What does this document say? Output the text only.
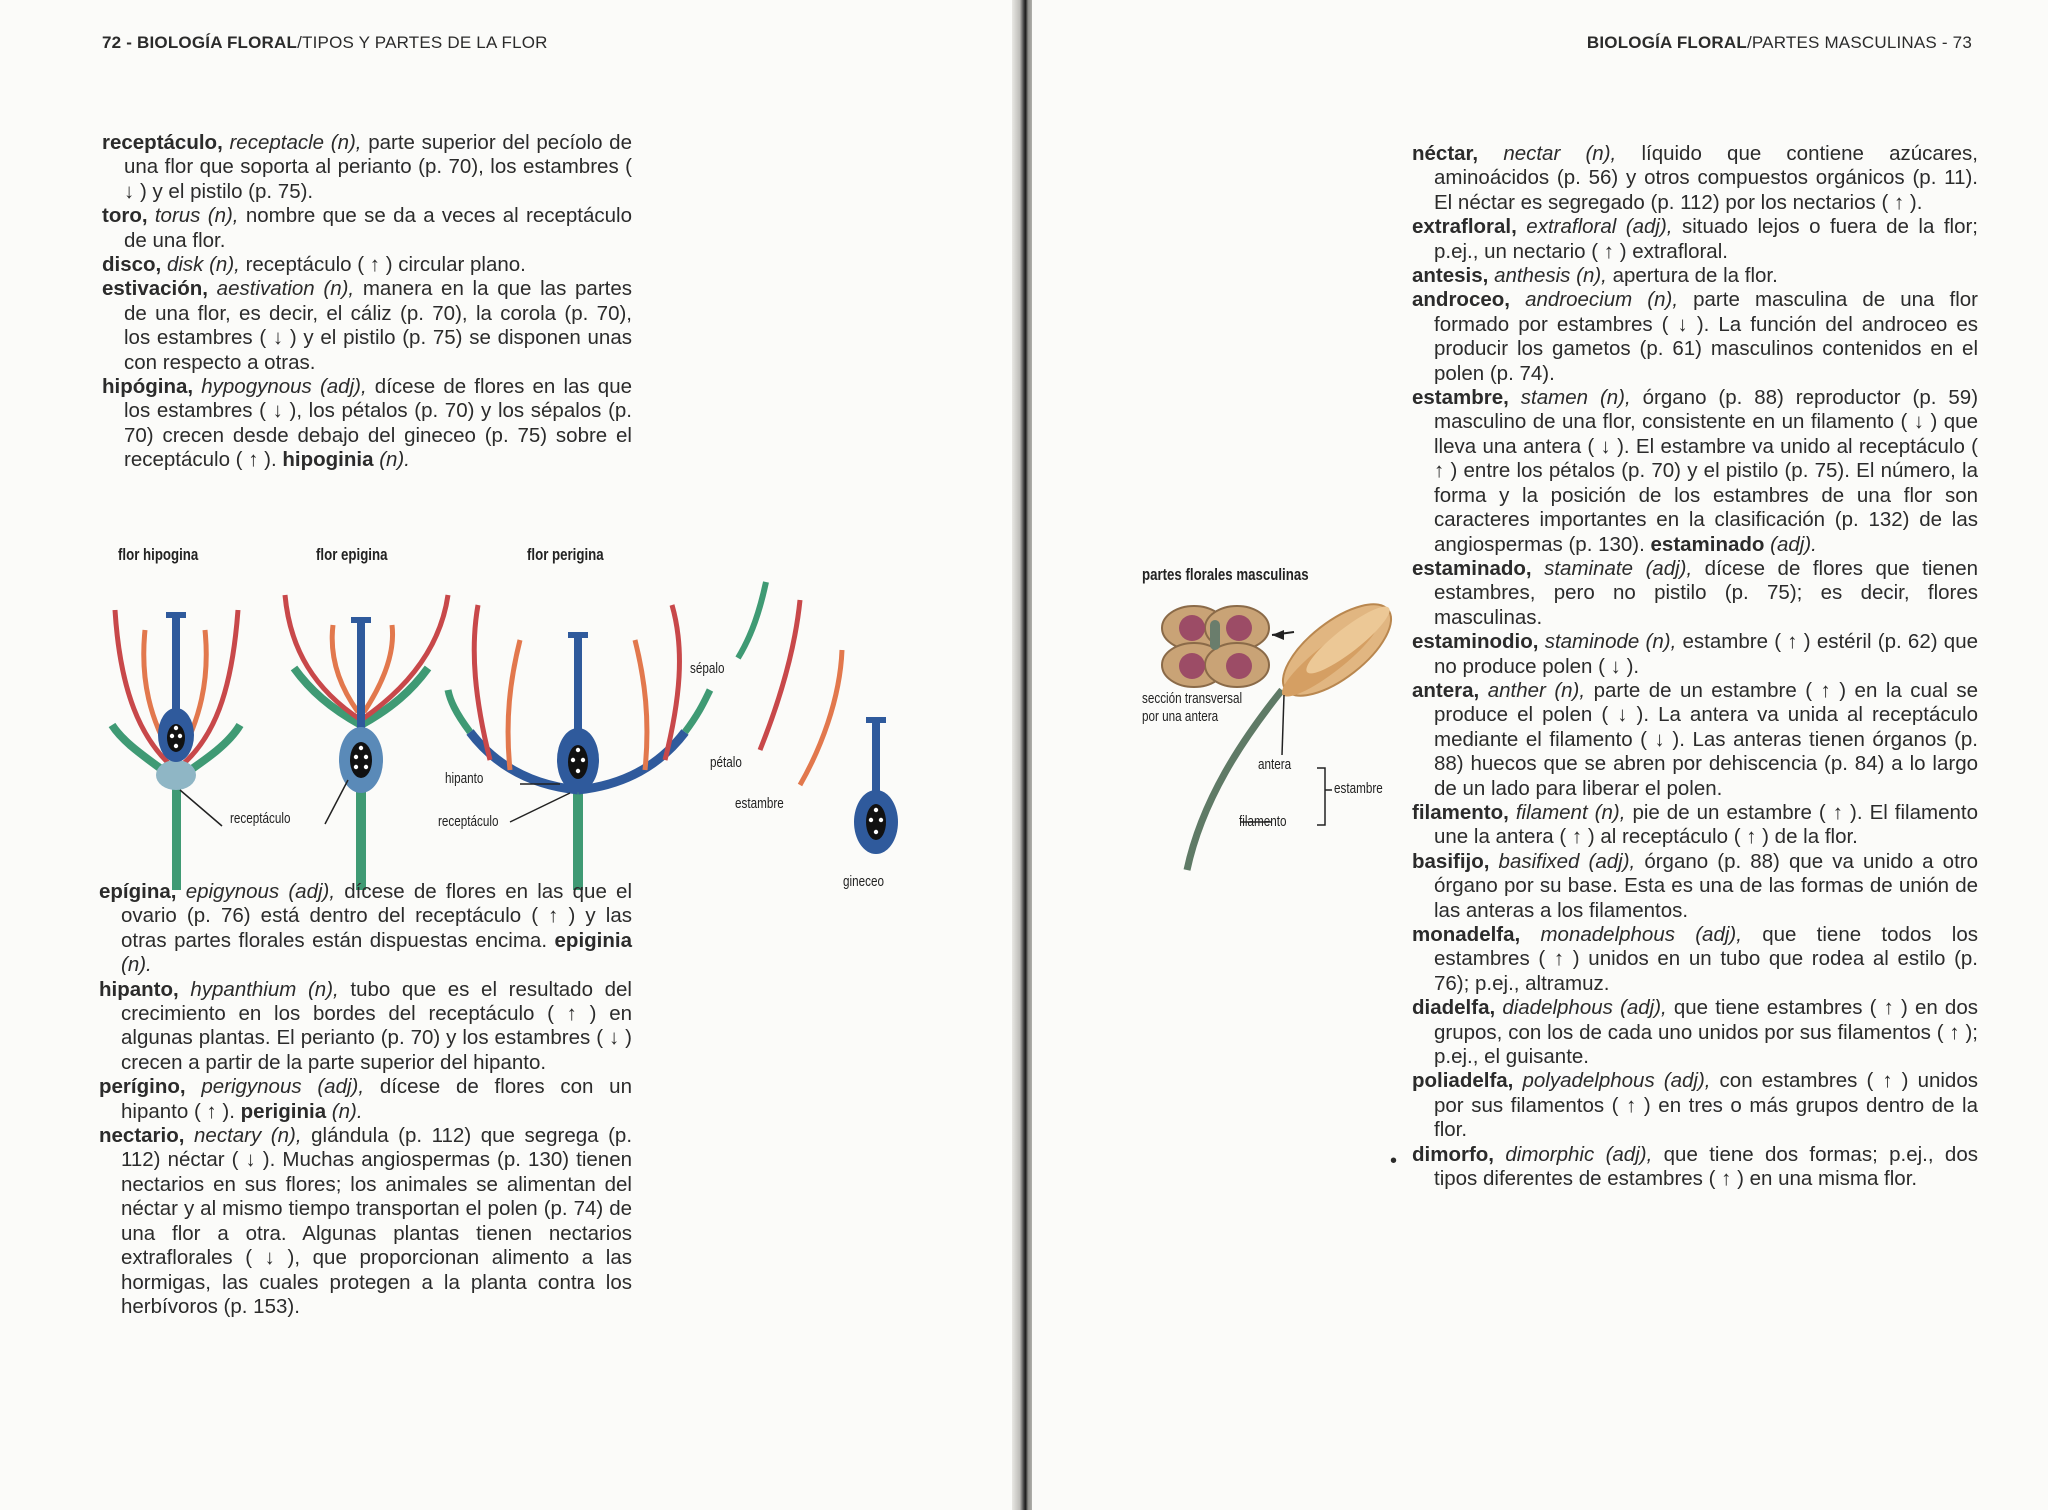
72 - BIOLOGÍA FLORAL/TIPOS Y PARTES DE LA FLOR

receptáculo, receptacle (n), parte superior del pecíolo de una flor que soporta al perianto (p. 70), los estambres ( ↓ ) y el pistilo (p. 75).

toro, torus (n), nombre que se da a veces al receptáculo de una flor.

disco, disk (n), receptáculo ( ↑ ) circular plano.

estivación, aestivation (n), manera en la que las partes de una flor, es decir, el cáliz (p. 70), la corola (p. 70), los estambres ( ↓ ) y el pistilo (p. 75) se disponen unas con respecto a otras.

hipógina, hypogynous (adj), dícese de flores en las que los estambres ( ↓ ), los pétalos (p. 70) y los sépalos (p. 70) crecen desde debajo del gineceo (p. 75) sobre el receptáculo ( ↑ ). hipoginia (n).

flor hipogina	flor epigina	flor perigina
receptáculo
hipanto
receptáculo
sépalo
pétalo
estambre
gineceo

epígina, epigynous (adj), dícese de flores en las que el ovario (p. 76) está dentro del receptáculo ( ↑ ) y las otras partes florales están dispuestas encima. epiginia (n).

hipanto, hypanthium (n), tubo que es el resultado del crecimiento en los bordes del receptáculo ( ↑ ) en algunas plantas. El perianto (p. 70) y los estambres ( ↓ ) crecen a partir de la parte superior del hipanto.

perígino, perigynous (adj), dícese de flores con un hipanto ( ↑ ). periginia (n).

nectario, nectary (n), glándula (p. 112) que segrega (p. 112) néctar ( ↓ ). Muchas angiospermas (p. 130) tienen nectarios en sus flores; los animales se alimentan del néctar y al mismo tiempo transportan el polen (p. 74) de una flor a otra. Algunas plantas tienen nectarios extraflorales ( ↓ ), que proporcionan alimento a las hormigas, las cuales protegen a la planta contra los herbívoros (p. 153).

BIOLOGÍA FLORAL/PARTES MASCULINAS - 73
partes florales masculinas
sección transversal
por una antera
antera
filamento
estambre
•

néctar, nectar (n), líquido que contiene azúcares, aminoácidos (p. 56) y otros compuestos orgánicos (p. 11). El néctar es segregado (p. 112) por los nectarios ( ↑ ).

extrafloral, extrafloral (adj), situado lejos o fuera de la flor; p.ej., un nectario ( ↑ ) extrafloral.

antesis, anthesis (n), apertura de la flor.

androceo, androecium (n), parte masculina de una flor formado por estambres ( ↓ ). La función del androceo es producir los gametos (p. 61) masculinos contenidos en el polen (p. 74).

estambre, stamen (n), órgano (p. 88) reproductor (p. 59) masculino de una flor, consistente en un filamento ( ↓ ) que lleva una antera ( ↓ ). El estambre va unido al receptáculo ( ↑ ) entre los pétalos (p. 70) y el pistilo (p. 75). El número, la forma y la posición de los estambres de una flor son caracteres importantes en la clasificación (p. 132) de las angiospermas (p. 130). estaminado (adj).

estaminado, staminate (adj), dícese de flores que tienen estambres, pero no pistilo (p. 75); es decir, flores masculinas.

estaminodio, staminode (n), estambre ( ↑ ) estéril (p. 62) que no produce polen ( ↓ ).

antera, anther (n), parte de un estambre ( ↑ ) en la cual se produce el polen ( ↓ ). La antera va unida al receptáculo mediante el filamento ( ↓ ). Las anteras tienen órganos (p. 88) huecos que se abren por dehiscencia (p. 84) a lo largo de un lado para liberar el polen.

filamento, filament (n), pie de un estambre ( ↑ ). El filamento une la antera ( ↑ ) al receptáculo ( ↑ ) de la flor.

basifijo, basifixed (adj), órgano (p. 88) que va unido a otro órgano por su base. Esta es una de las formas de unión de las anteras a los filamentos.

monadelfa, monadelphous (adj), que tiene todos los estambres ( ↑ ) unidos en un tubo que rodea al estilo (p. 76); p.ej., altramuz.

diadelfa, diadelphous (adj), que tiene estambres ( ↑ ) en dos grupos, con los de cada uno unidos por sus filamentos ( ↑ ); p.ej., el guisante.

poliadelfa, polyadelphous (adj), con estambres ( ↑ ) unidos por sus filamentos ( ↑ ) en tres o más grupos dentro de la flor.

dimorfo, dimorphic (adj), que tiene dos formas; p.ej., dos tipos diferentes de estambres ( ↑ ) en una misma flor.
